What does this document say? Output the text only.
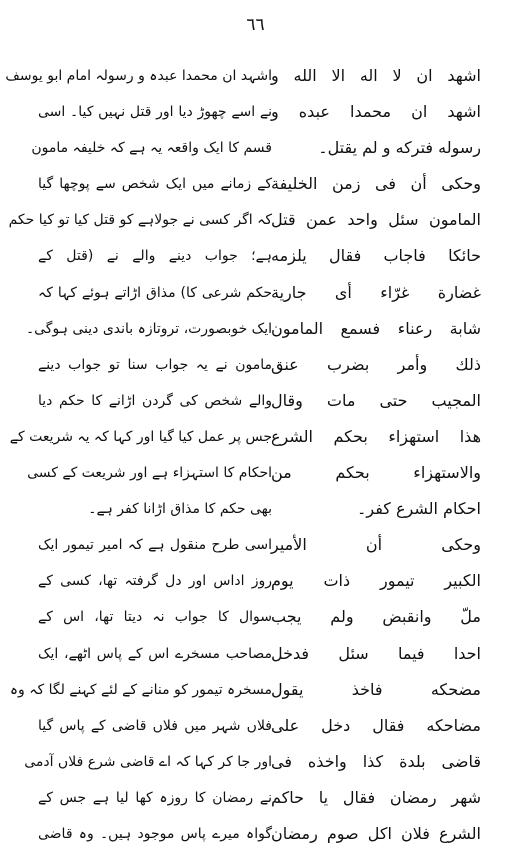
٦٦
اشهد ان لا اله الا الله و
اشهد ان محمدا عبده و
رسوله فترکه و لم يقتل۔
وحكى أن فى زمن الخليفة
المامون سئل واحد عمن قتل
حائكا فاجاب فقال يلزمه
غضارة غرّاء أى جارية
شابة رعناء فسمع المامون
ذلك وأمر بضرب عنق
المجيب حتى مات وقال
هذا استهزاء بحكم الشرع
والاستهزاء بحكم من
احكام الشرع كفر۔
وحكى أن الأمير
الكبير تيمور ذات يوم
ملّ وانقبض ولم يجب
احدا فيما سئل فدخل
مضحكه فاخذ يقول
مضاحكه فقال دخل على
قاضى بلدة كذا واخذه فى
شهر رمضان فقال يا حاكم
الشرع فلان اكل صوم رمضان
اشہد ان محمدا عبدہ و رسولہ امام ابو یوسف
نے اسے چھوڑ دیا اور قتل نہیں کیا۔ اسی
قسم کا ایک واقعہ یہ ہے کہ خلیفہ مامون
کے زمانے میں ایک شخص سے پوچھا گیا
کہ اگر کسی نے جولاہے کو قتل کیا تو کیا حکم
ہے؛ جواب دینے والے نے (قتل کے
حکم شرعی کا) مذاق اڑاتے ہوئے کہا کہ
ایک خوبصورت، تروتازہ باندی دینی ہوگی۔
مامون نے یہ جواب سنا تو جواب دینے
والے شخص کی گردن اڑانے کا حکم دیا
جس پر عمل کیا گیا اور کہا کہ یہ شریعت کے
احکام کا استہزاء ہے اور شریعت کے کسی
بھی حکم کا مذاق اڑانا کفر ہے۔
اسی طرح منقول ہے کہ امیر تیمور ایک
روز اداس اور دل گرفتہ تھا، کسی کے
سوال کا جواب نہ دیتا تھا، اس کے
مصاحب مسخرے اس کے پاس اٹھے، ایک
مسخرہ تیمور کو منانے کے لئے کہنے لگا کہ وہ
فلاں شہر میں فلاں قاضی کے پاس گیا
اور جا کر کہا کہ اے قاضی شرع فلاں آدمی
نے رمضان کا روزہ کھا لیا ہے جس کے
گواہ میرے پاس موجود ہیں۔ وہ قاضی
